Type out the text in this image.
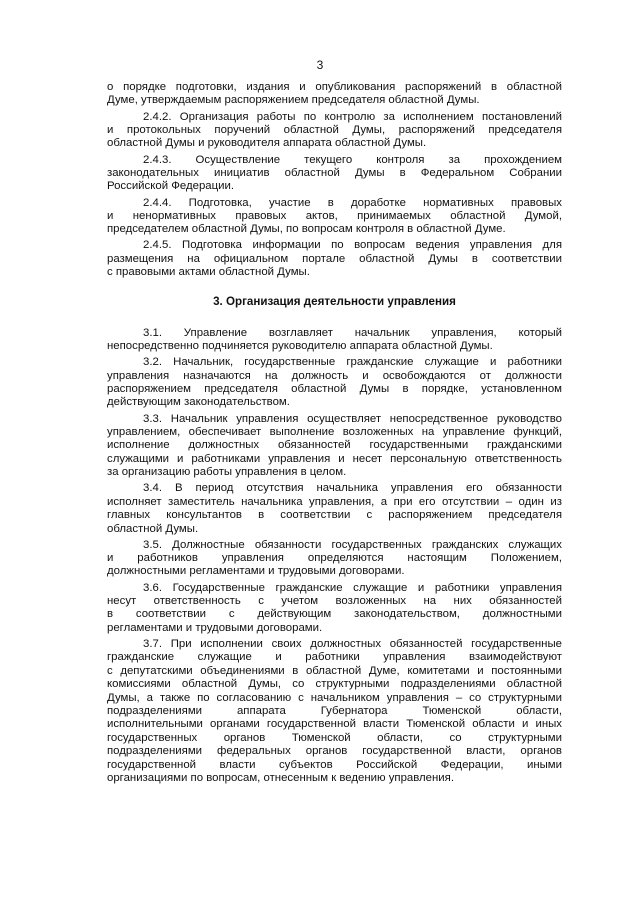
3
о порядке подготовки, издания и опубликования распоряжений в областной
Думе, утверждаемым распоряжением председателя областной Думы.
2.4.2. Организация работы по контролю за исполнением постановлений
и протокольных поручений областной Думы, распоряжений председателя
областной Думы и руководителя аппарата областной Думы.
2.4.3. Осуществление текущего контроля за прохождением
законодательных инициатив областной Думы в Федеральном Собрании
Российской Федерации.
2.4.4. Подготовка, участие в доработке нормативных правовых
и ненормативных правовых актов, принимаемых областной Думой,
председателем областной Думы, по вопросам контроля в областной Думе.
2.4.5. Подготовка информации по вопросам ведения управления для
размещения на официальном портале областной Думы в соответствии
с правовыми актами областной Думы.
3. Организация деятельности управления
3.1. Управление возглавляет начальник управления, который
непосредственно подчиняется руководителю аппарата областной Думы.
3.2. Начальник, государственные гражданские служащие и работники
управления назначаются на должность и освобождаются от должности
распоряжением председателя областной Думы в порядке, установленном
действующим законодательством.
3.3. Начальник управления осуществляет непосредственное руководство
управлением, обеспечивает выполнение возложенных на управление функций,
исполнение должностных обязанностей государственными гражданскими
служащими и работниками управления и несет персональную ответственность
за организацию работы управления в целом.
3.4. В период отсутствия начальника управления его обязанности
исполняет заместитель начальника управления, а при его отсутствии – один из
главных консультантов в соответствии с распоряжением председателя
областной Думы.
3.5. Должностные обязанности государственных гражданских служащих
и работников управления определяются настоящим Положением,
должностными регламентами и трудовыми договорами.
3.6. Государственные гражданские служащие и работники управления
несут ответственность с учетом возложенных на них обязанностей
в соответствии с действующим законодательством, должностными
регламентами и трудовыми договорами.
3.7. При исполнении своих должностных обязанностей государственные
гражданские служащие и работники управления взаимодействуют
с депутатскими объединениями в областной Думе, комитетами и постоянными
комиссиями областной Думы, со структурными подразделениями областной
Думы, а также по согласованию с начальником управления – со структурными
подразделениями аппарата Губернатора Тюменской области,
исполнительными органами государственной власти Тюменской области и иных
государственных органов Тюменской области, со структурными
подразделениями федеральных органов государственной власти, органов
государственной власти субъектов Российской Федерации, иными
организациями по вопросам, отнесенным к ведению управления.
